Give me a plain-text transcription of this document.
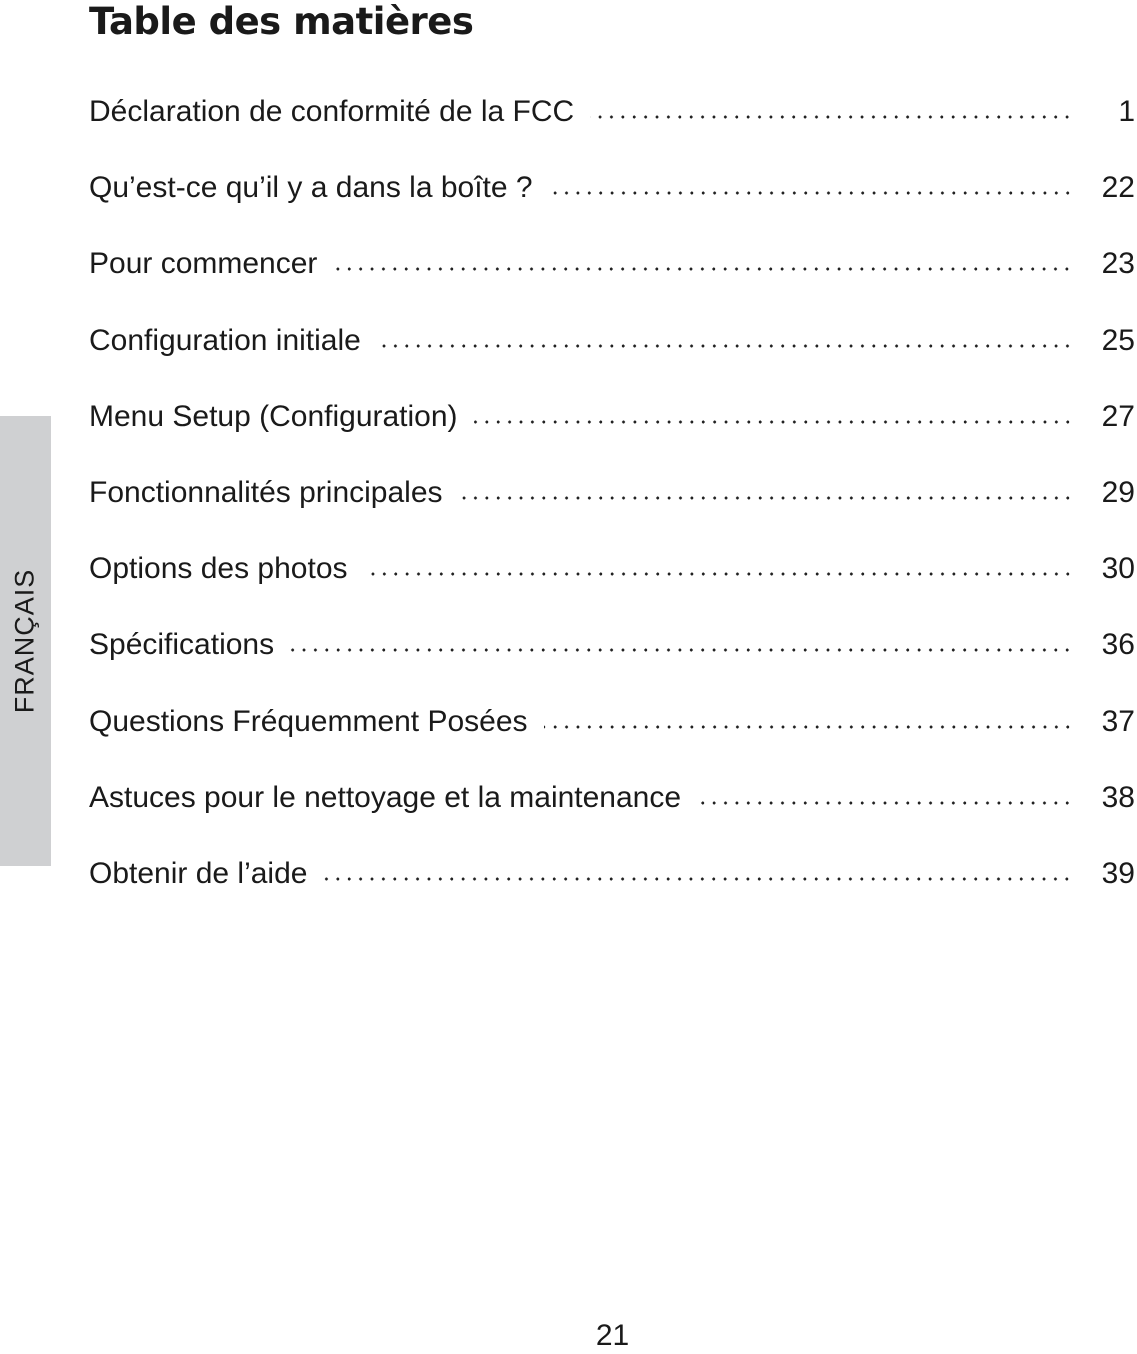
FRANÇAIS
Table des matières
Déclaration de conformité de la FCC	1
Qu’est-ce qu’il y a dans la boîte ?	22
Pour commencer	23
Configuration initiale	25
Menu Setup (Configuration)	27
Fonctionnalités principales	29
Options des photos	30
Spécifications	36
Questions Fréquemment Posées	37
Astuces pour le nettoyage et la maintenance	38
Obtenir de l’aide	39
21
